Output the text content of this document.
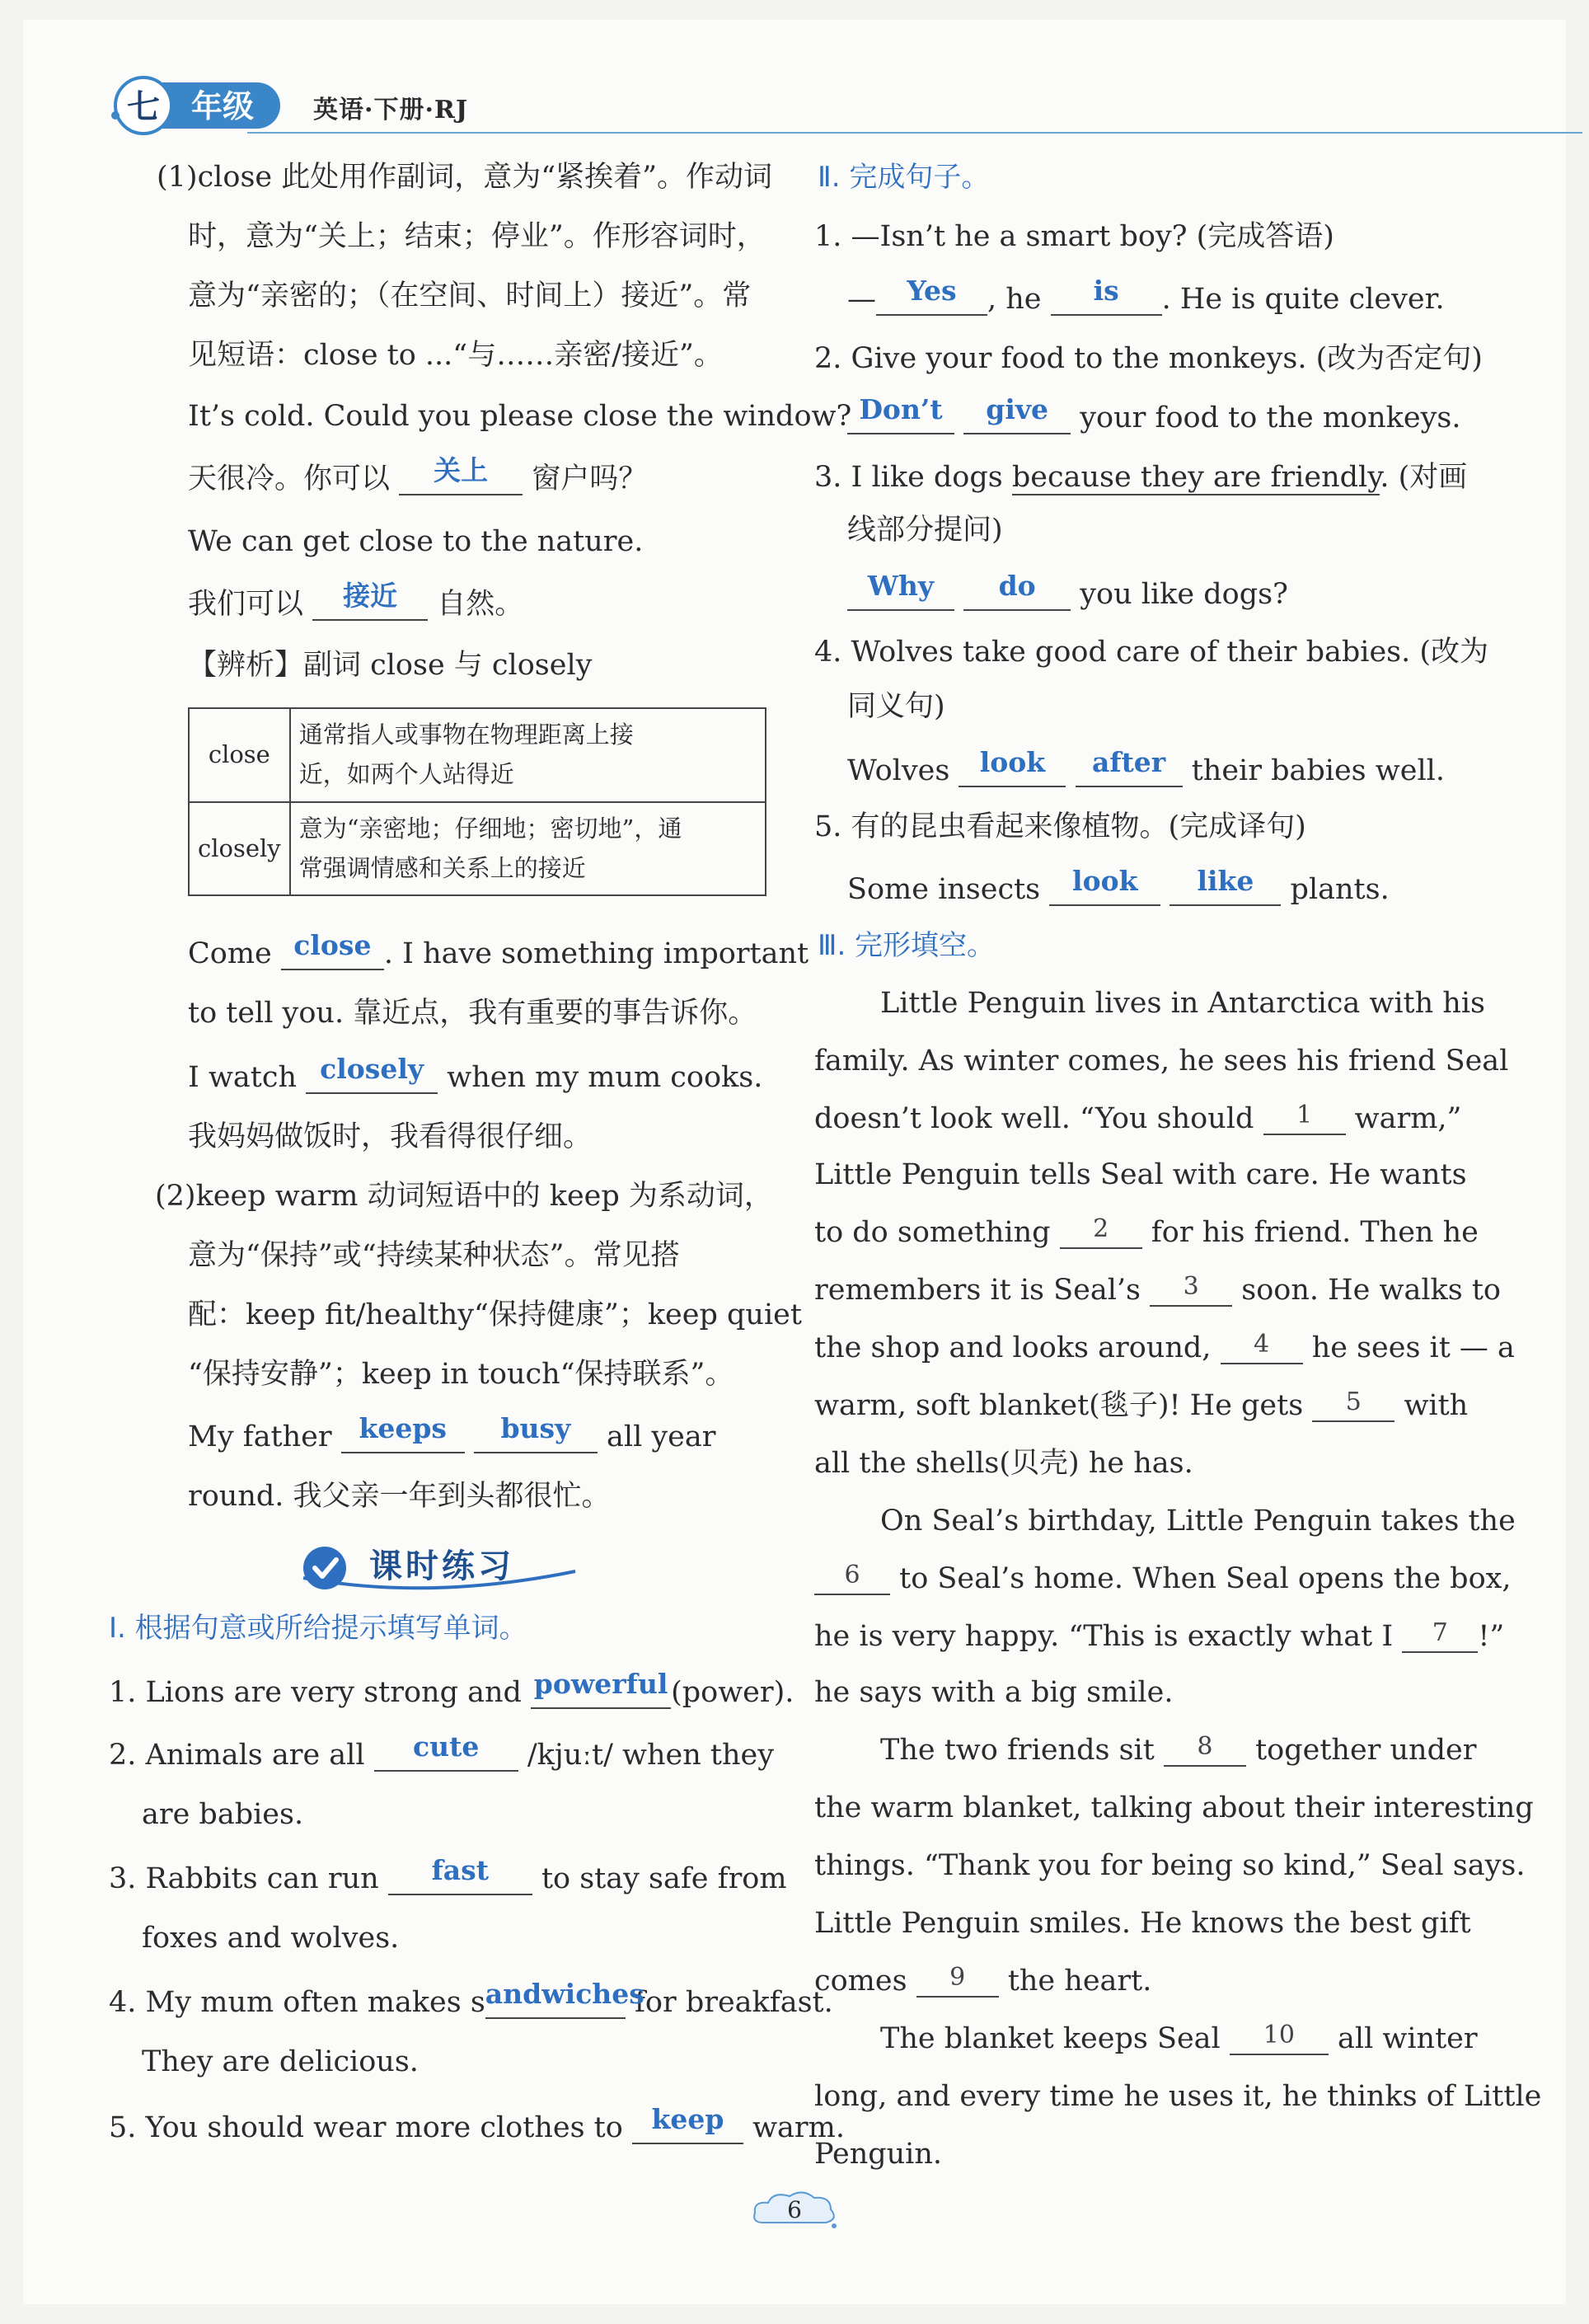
七 年级 英语·下册·RJ
(1)close 此处用作副词，意为“紧挨着”。作动词
时，意为“关上；结束；停业”。作形容词时，
意为“亲密的；（在空间、时间上）接近”。常
见短语：close to ...“与……亲密/接近”。
It’s cold. Could you please close the window?
天很冷。你可以 关上 窗户吗？
We can get close to the nature.
我们可以 接近 自然。
【辨析】副词 close 与 closely
close	通常指人或事物在物理距离上接
近，如两个人站得近
closely	意为“亲密地；仔细地；密切地”，通
常强调情感和关系上的接近
Come close . I have something important
to tell you. 靠近点，我有重要的事告诉你。
I watch closely when my mum cooks.
我妈妈做饭时，我看得很仔细。
(2)keep warm 动词短语中的 keep 为系动词，
意为“保持”或“持续某种状态”。常见搭
配：keep fit/healthy“保持健康”；keep quiet
“保持安静”；keep in touch“保持联系”。
My father keeps busy all year
round. 我父亲一年到头都很忙。
课时练习
Ⅰ. 根据句意或所给提示填写单词。
1. Lions are very strong and powerful (power).
2. Animals are all cute /kjuːt/ when they
are babies.
3. Rabbits can run fast to stay safe from
foxes and wolves.
4. My mum often makes sandwiches for breakfast.
They are delicious.
5. You should wear more clothes to keep warm.
Ⅱ. 完成句子。
1. —Isn’t he a smart boy? (完成答语)
— Yes , he is . He is quite clever.
2. Give your food to the monkeys. (改为否定句)
Don’t give your food to the monkeys.
3. I like dogs because they are friendly. (对画
线部分提问)
Why do you like dogs?
4. Wolves take good care of their babies. (改为
同义句)
Wolves look after their babies well.
5. 有的昆虫看起来像植物。(完成译句)
Some insects look like plants.
Ⅲ. 完形填空。
Little Penguin lives in Antarctica with his
family. As winter comes, he sees his friend Seal
doesn’t look well. “You should 1 warm,”
Little Penguin tells Seal with care. He wants
to do something 2 for his friend. Then he
remembers it is Seal’s 3 soon. He walks to
the shop and looks around, 4 he sees it — a
warm, soft blanket(毯子)! He gets 5 with
all the shells(贝壳) he has.
On Seal’s birthday, Little Penguin takes the
6 to Seal’s home. When Seal opens the box,
he is very happy. “This is exactly what I 7 !”
he says with a big smile.
The two friends sit 8 together under
the warm blanket, talking about their interesting
things. “Thank you for being so kind,” Seal says.
Little Penguin smiles. He knows the best gift
comes 9 the heart.
The blanket keeps Seal 10 all winter
long, and every time he uses it, he thinks of Little
Penguin.
6
